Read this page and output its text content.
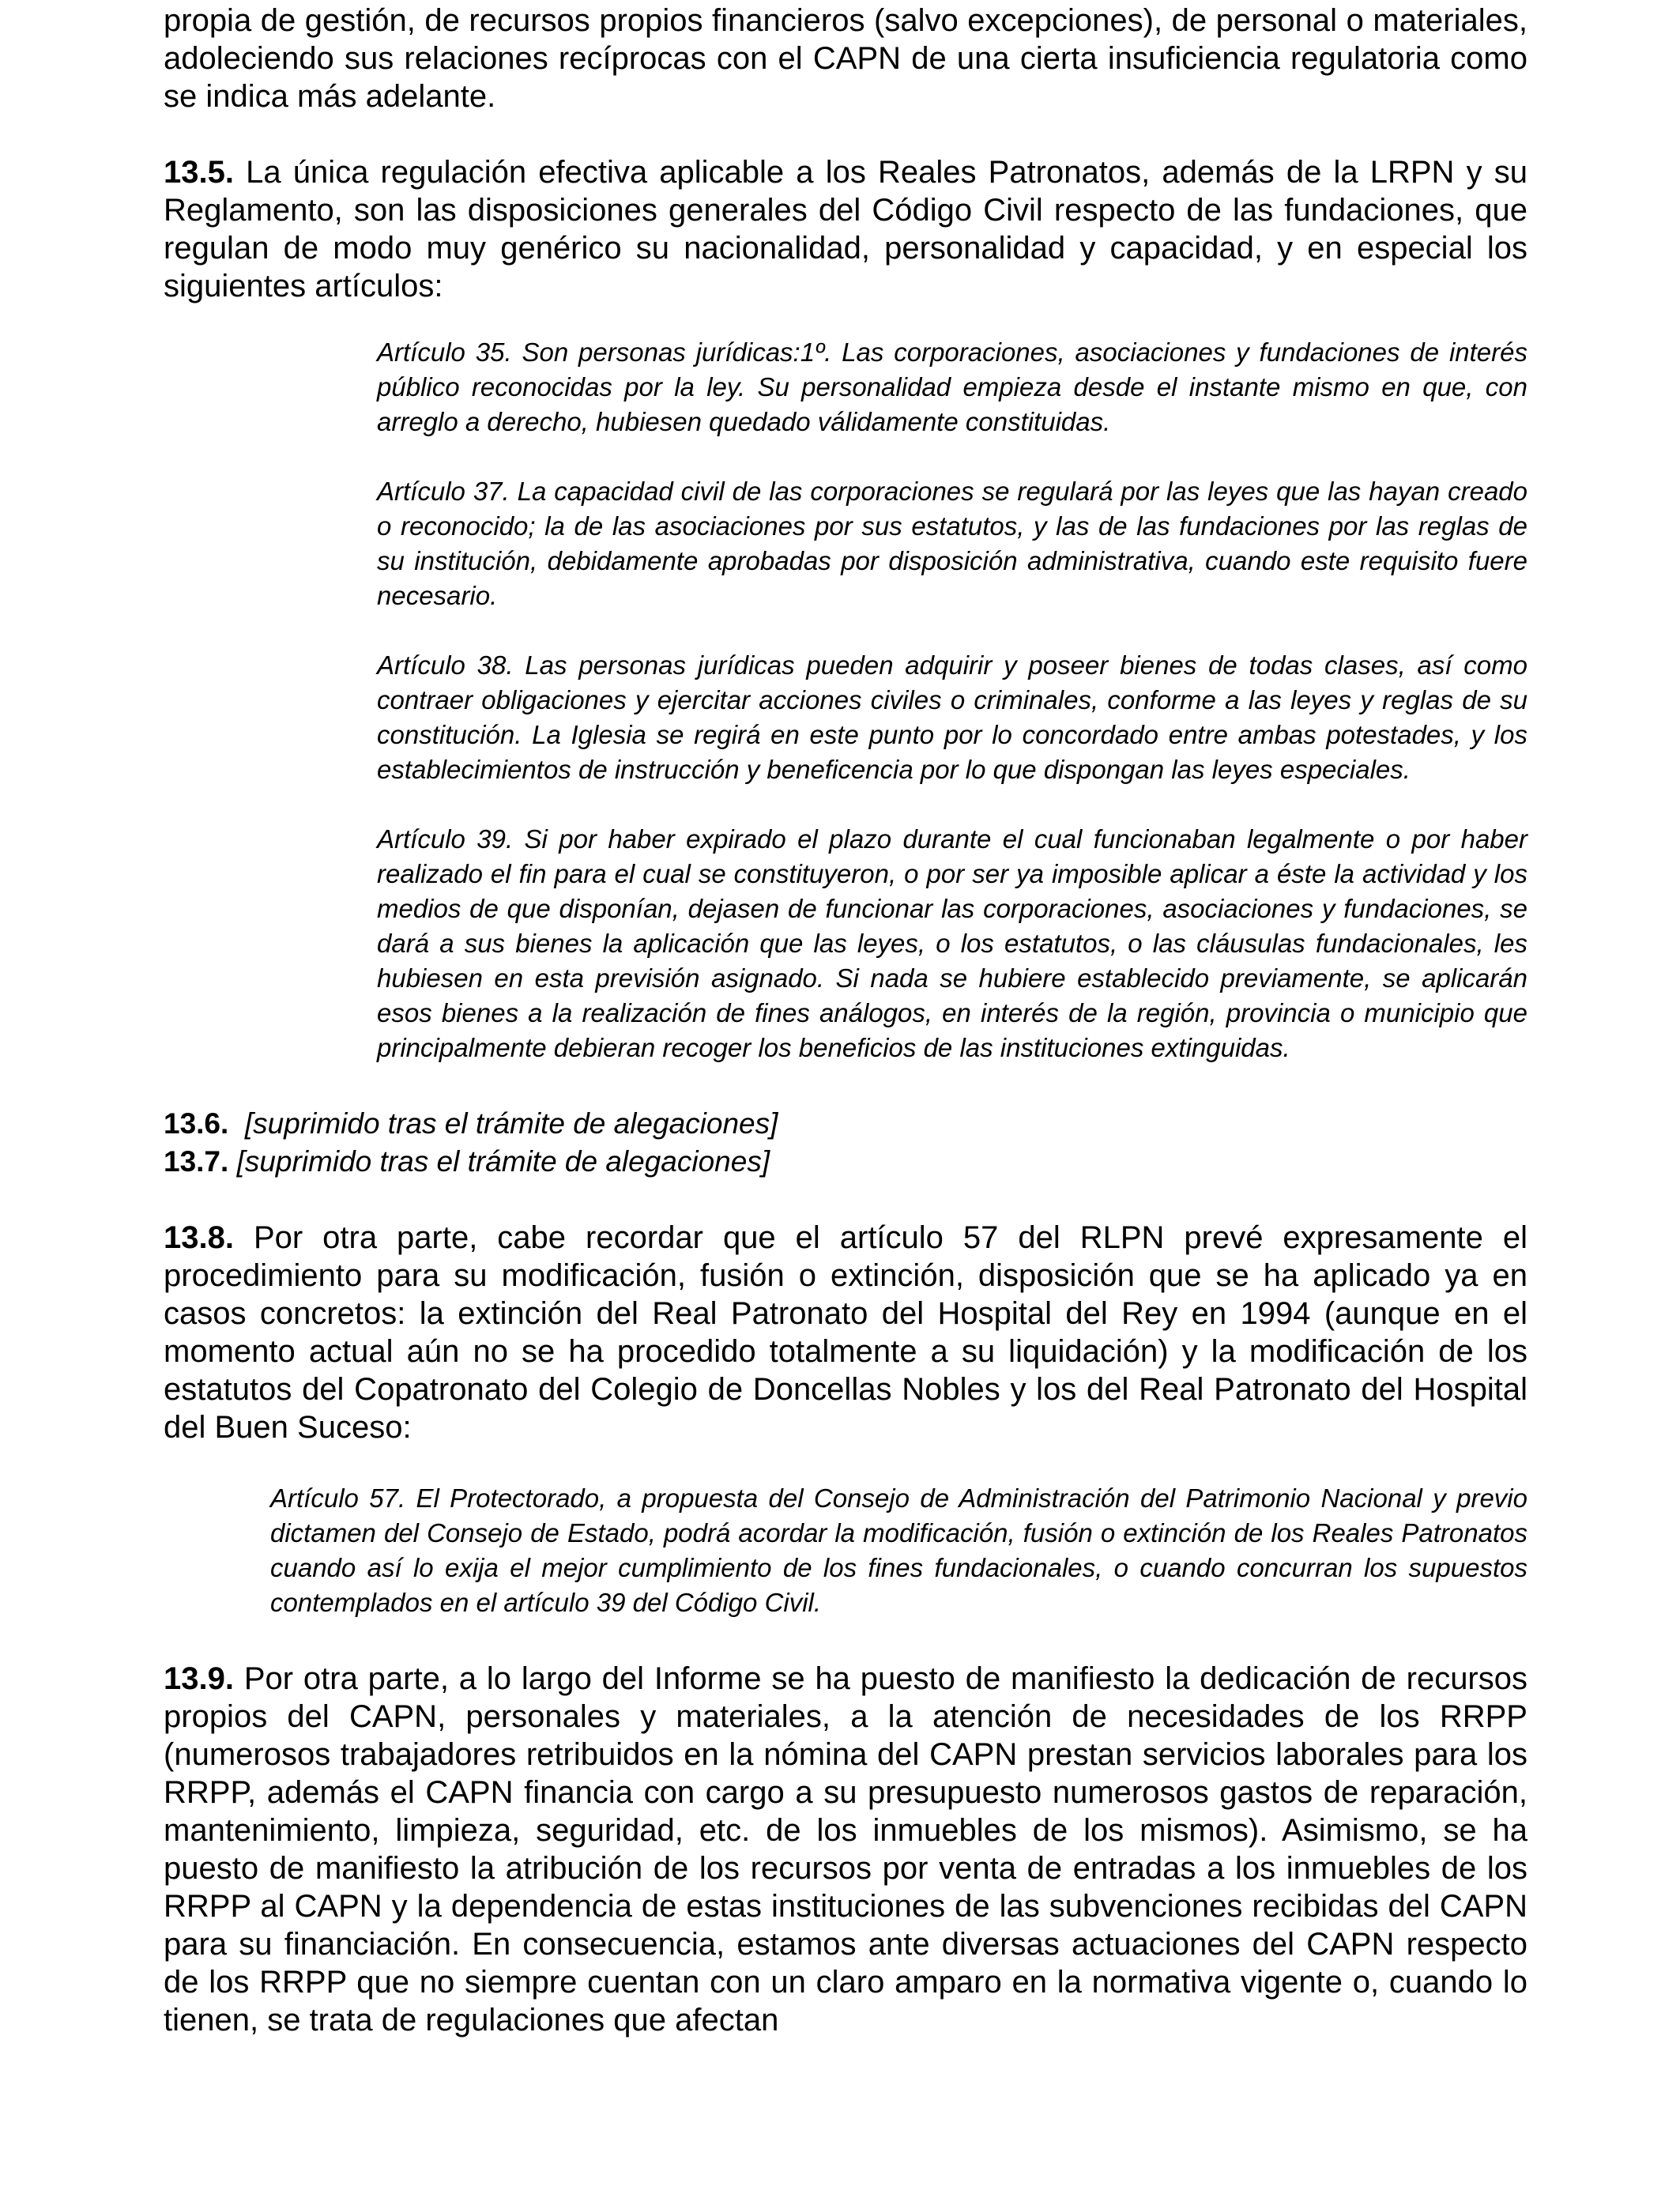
propia de gestión, de recursos propios financieros (salvo excepciones), de personal o materiales, adoleciendo sus relaciones recíprocas con el CAPN de una cierta insuficiencia regulatoria como se indica más adelante.

13.5. La única regulación efectiva aplicable a los Reales Patronatos, además de la LRPN y su Reglamento, son las disposiciones generales del Código Civil respecto de las fundaciones, que regulan de modo muy genérico su nacionalidad, personalidad y capacidad, y en especial los siguientes artículos:

Artículo 35. Son personas jurídicas:1º. Las corporaciones, asociaciones y fundaciones de interés público reconocidas por la ley. Su personalidad empieza desde el instante mismo en que, con arreglo a derecho, hubiesen quedado válidamente constituidas.

Artículo 37. La capacidad civil de las corporaciones se regulará por las leyes que las hayan creado o reconocido; la de las asociaciones por sus estatutos, y las de las fundaciones por las reglas de su institución, debidamente aprobadas por disposición administrativa, cuando este requisito fuere necesario.

Artículo 38. Las personas jurídicas pueden adquirir y poseer bienes de todas clases, así como contraer obligaciones y ejercitar acciones civiles o criminales, conforme a las leyes y reglas de su constitución. La Iglesia se regirá en este punto por lo concordado entre ambas potestades, y los establecimientos de instrucción y beneficencia por lo que dispongan las leyes especiales.

Artículo 39. Si por haber expirado el plazo durante el cual funcionaban legalmente o por haber realizado el fin para el cual se constituyeron, o por ser ya imposible aplicar a éste la actividad y los medios de que disponían, dejasen de funcionar las corporaciones, asociaciones y fundaciones, se dará a sus bienes la aplicación que las leyes, o los estatutos, o las cláusulas fundacionales, les hubiesen en esta previsión asignado. Si nada se hubiere establecido previamente, se aplicarán esos bienes a la realización de fines análogos, en interés de la región, provincia o municipio que principalmente debieran recoger los beneficios de las instituciones extinguidas.

13.6.  [suprimido tras el trámite de alegaciones]

13.7. [suprimido tras el trámite de alegaciones]

13.8. Por otra parte, cabe recordar que el artículo 57 del RLPN prevé expresamente el procedimiento para su modificación, fusión o extinción, disposición que se ha aplicado ya en casos concretos: la extinción del Real Patronato del Hospital del Rey en 1994 (aunque en el momento actual aún no se ha procedido totalmente a su liquidación) y la modificación de los estatutos del Copatronato del Colegio de Doncellas Nobles y los del Real Patronato del Hospital del Buen Suceso:

Artículo 57. El Protectorado, a propuesta del Consejo de Administración del Patrimonio Nacional y previo dictamen del Consejo de Estado, podrá acordar la modificación, fusión o extinción de los Reales Patronatos cuando así lo exija el mejor cumplimiento de los fines fundacionales, o cuando concurran los supuestos contemplados en el artículo 39 del Código Civil.

13.9. Por otra parte, a lo largo del Informe se ha puesto de manifiesto la dedicación de recursos propios del CAPN, personales y materiales, a la atención de necesidades de los RRPP (numerosos trabajadores retribuidos en la nómina del CAPN prestan servicios laborales para los RRPP, además el CAPN financia con cargo a su presupuesto numerosos gastos de reparación, mantenimiento, limpieza, seguridad, etc. de los inmuebles de los mismos). Asimismo, se ha puesto de manifiesto la atribución de los recursos por venta de entradas a los inmuebles de los RRPP al CAPN y la dependencia de estas instituciones de las subvenciones recibidas del CAPN para su financiación. En consecuencia, estamos ante diversas actuaciones del CAPN respecto de los RRPP que no siempre cuentan con un claro amparo en la normativa vigente o, cuando lo tienen, se trata de regulaciones que afectan
